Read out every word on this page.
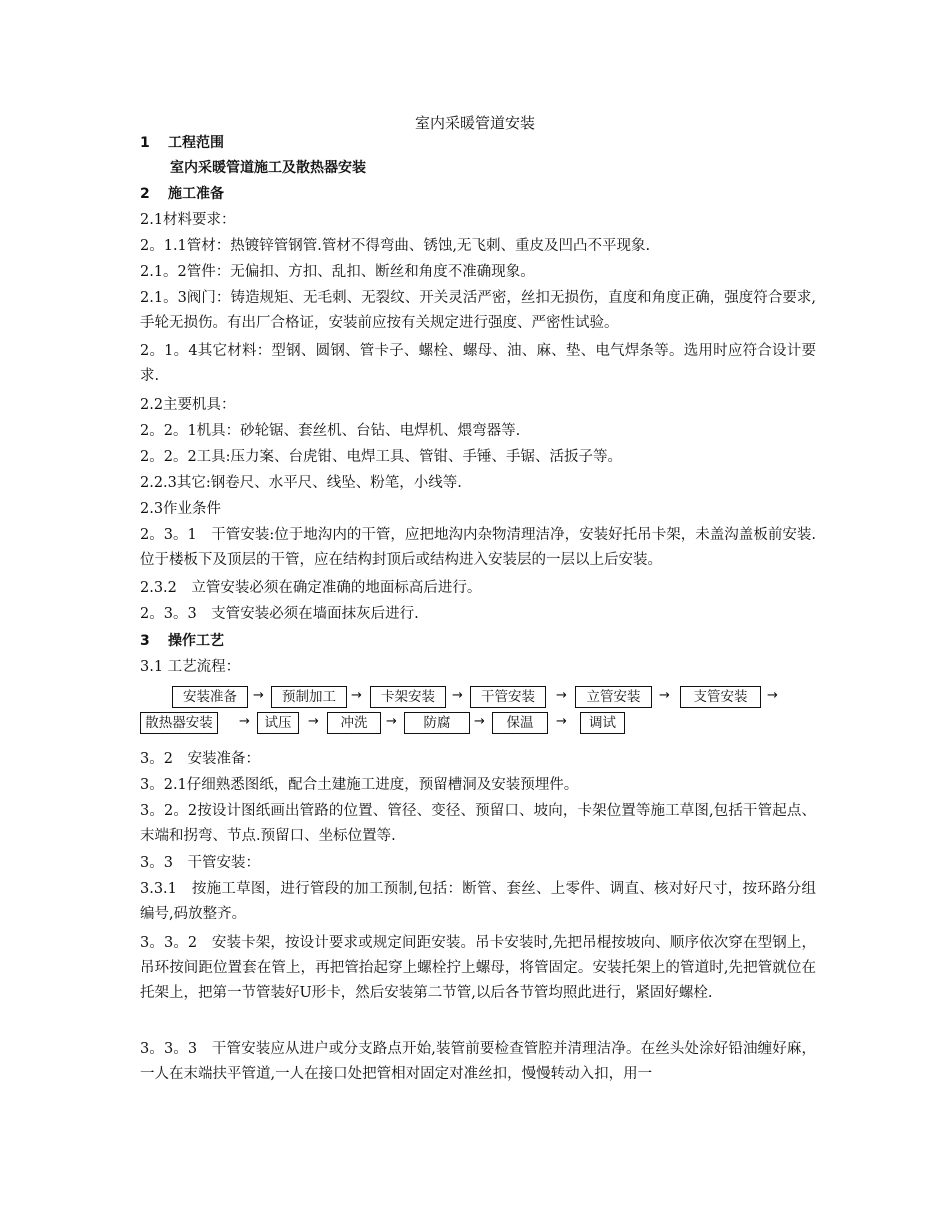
室内采暖管道安装
1 工程范围
室内采暖管道施工及散热器安装
2 施工准备
2.1材料要求：
2。1.1管材：热镀锌管钢管.管材不得弯曲、锈蚀,无飞刺、重皮及凹凸不平现象.
2.1。2管件：无偏扣、方扣、乱扣、断丝和角度不准确现象。
2.1。3阀门：铸造规矩、无毛刺、无裂纹、开关灵活严密，丝扣无损伤，直度和角度正确，强度符合要求,手轮无损伤。有出厂合格证，安装前应按有关规定进行强度、严密性试验。
2。1。4其它材料：型钢、圆钢、管卡子、螺栓、螺母、油、麻、垫、电气焊条等。选用时应符合设计要求.
2.2主要机具：
2。2。1机具：砂轮锯、套丝机、台钻、电焊机、煨弯器等.
2。2。2工具:压力案、台虎钳、电焊工具、管钳、手锤、手锯、活扳子等。
2.2.3其它:钢卷尺、水平尺、线坠、粉笔，小线等.
2.3作业条件
2。3。1　干管安装:位于地沟内的干管，应把地沟内杂物清理洁净，安装好托吊卡架，未盖沟盖板前安装.位于楼板下及顶层的干管，应在结构封顶后或结构进入安装层的一层以上后安装。
2.3.2　立管安装必须在确定准确的地面标高后进行。
2。3。3　支管安装必须在墙面抹灰后进行.
3 操作工艺
3.1 工艺流程：
安装准备	→	预制加工	→	卡架安装	→	干管安装	→	立管安装	→	支管安装	→
散热器安装	→	试压	→	冲洗	→	防腐	→	保温	→	调试
3。2　安装准备：
3。2.1仔细熟悉图纸，配合土建施工进度，预留槽洞及安装预埋件。
3。2。2按设计图纸画出管路的位置、管径、变径、预留口、坡向，卡架位置等施工草图,包括干管起点、末端和拐弯、节点.预留口、坐标位置等.
3。3　干管安装：
3.3.1　按施工草图，进行管段的加工预制,包括：断管、套丝、上零件、调直、核对好尺寸，按环路分组编号,码放整齐。
3。3。2　安装卡架，按设计要求或规定间距安装。吊卡安装时,先把吊棍按坡向、顺序依次穿在型钢上，吊环按间距位置套在管上，再把管抬起穿上螺栓拧上螺母，将管固定。安装托架上的管道时,先把管就位在托架上，把第一节管装好U形卡，然后安装第二节管,以后各节管均照此进行，紧固好螺栓.
3。3。3　干管安装应从进户或分支路点开始,装管前要检查管腔并清理洁净。在丝头处涂好铅油缠好麻，一人在末端扶平管道,一人在接口处把管相对固定对准丝扣，慢慢转动入扣，用一
